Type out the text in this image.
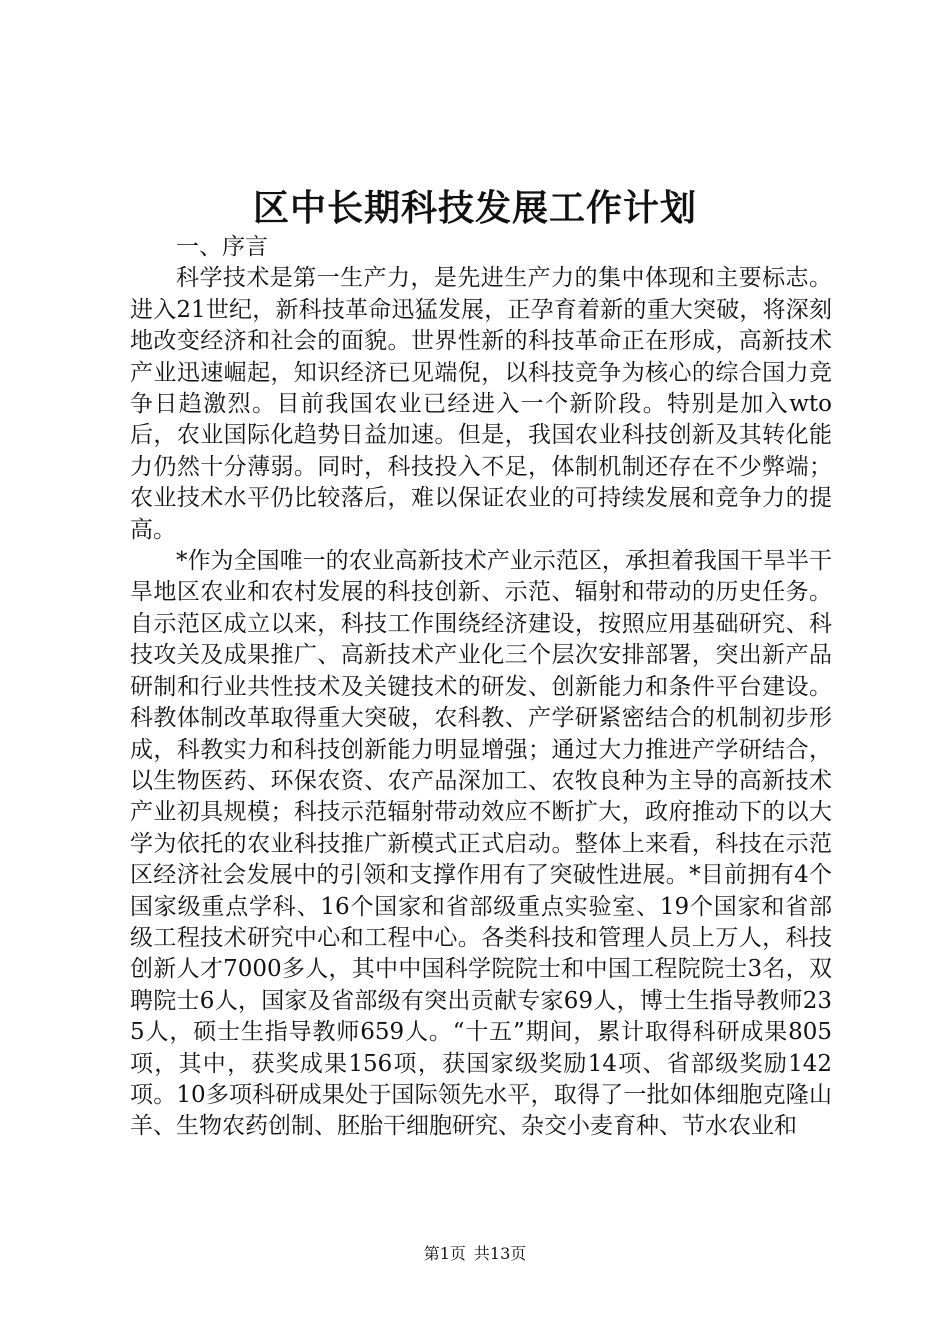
区中长期科技发展工作计划

一、序言

科学技术是第一生产力，是先进生产力的集中体现和主要标志。进入21世纪，新科技革命迅猛发展，正孕育着新的重大突破，将深刻地改变经济和社会的面貌。世界性新的科技革命正在形成，高新技术产业迅速崛起，知识经济已见端倪，以科技竞争为核心的综合国力竞争日趋激烈。目前我国农业已经进入一个新阶段。特别是加入wto后，农业国际化趋势日益加速。但是，我国农业科技创新及其转化能力仍然十分薄弱。同时，科技投入不足，体制机制还存在不少弊端；农业技术水平仍比较落后，难以保证农业的可持续发展和竞争力的提高。

*作为全国唯一的农业高新技术产业示范区，承担着我国干旱半干旱地区农业和农村发展的科技创新、示范、辐射和带动的历史任务。自示范区成立以来，科技工作围绕经济建设，按照应用基础研究、科技攻关及成果推广、高新技术产业化三个层次安排部署，突出新产品研制和行业共性技术及关键技术的研发、创新能力和条件平台建设。科教体制改革取得重大突破，农科教、产学研紧密结合的机制初步形成，科教实力和科技创新能力明显增强；通过大力推进产学研结合，以生物医药、环保农资、农产品深加工、农牧良种为主导的高新技术产业初具规模；科技示范辐射带动效应不断扩大，政府推动下的以大学为依托的农业科技推广新模式正式启动。整体上来看，科技在示范区经济社会发展中的引领和支撑作用有了突破性进展。*目前拥有4个国家级重点学科、16个国家和省部级重点实验室、19个国家和省部级工程技术研究中心和工程中心。各类科技和管理人员上万人，科技创新人才7000多人，其中中国科学院院士和中国工程院院士3名，双聘院士6人，国家及省部级有突出贡献专家69人，博士生指导教师235人，硕士生指导教师659人。“十五”期间，累计取得科研成果805项，其中，获奖成果156项，获国家级奖励14项、省部级奖励142项。10多项科研成果处于国际领先水平，取得了一批如体细胞克隆山羊、生物农药创制、胚胎干细胞研究、杂交小麦育种、节水农业和

第1页 共13页
